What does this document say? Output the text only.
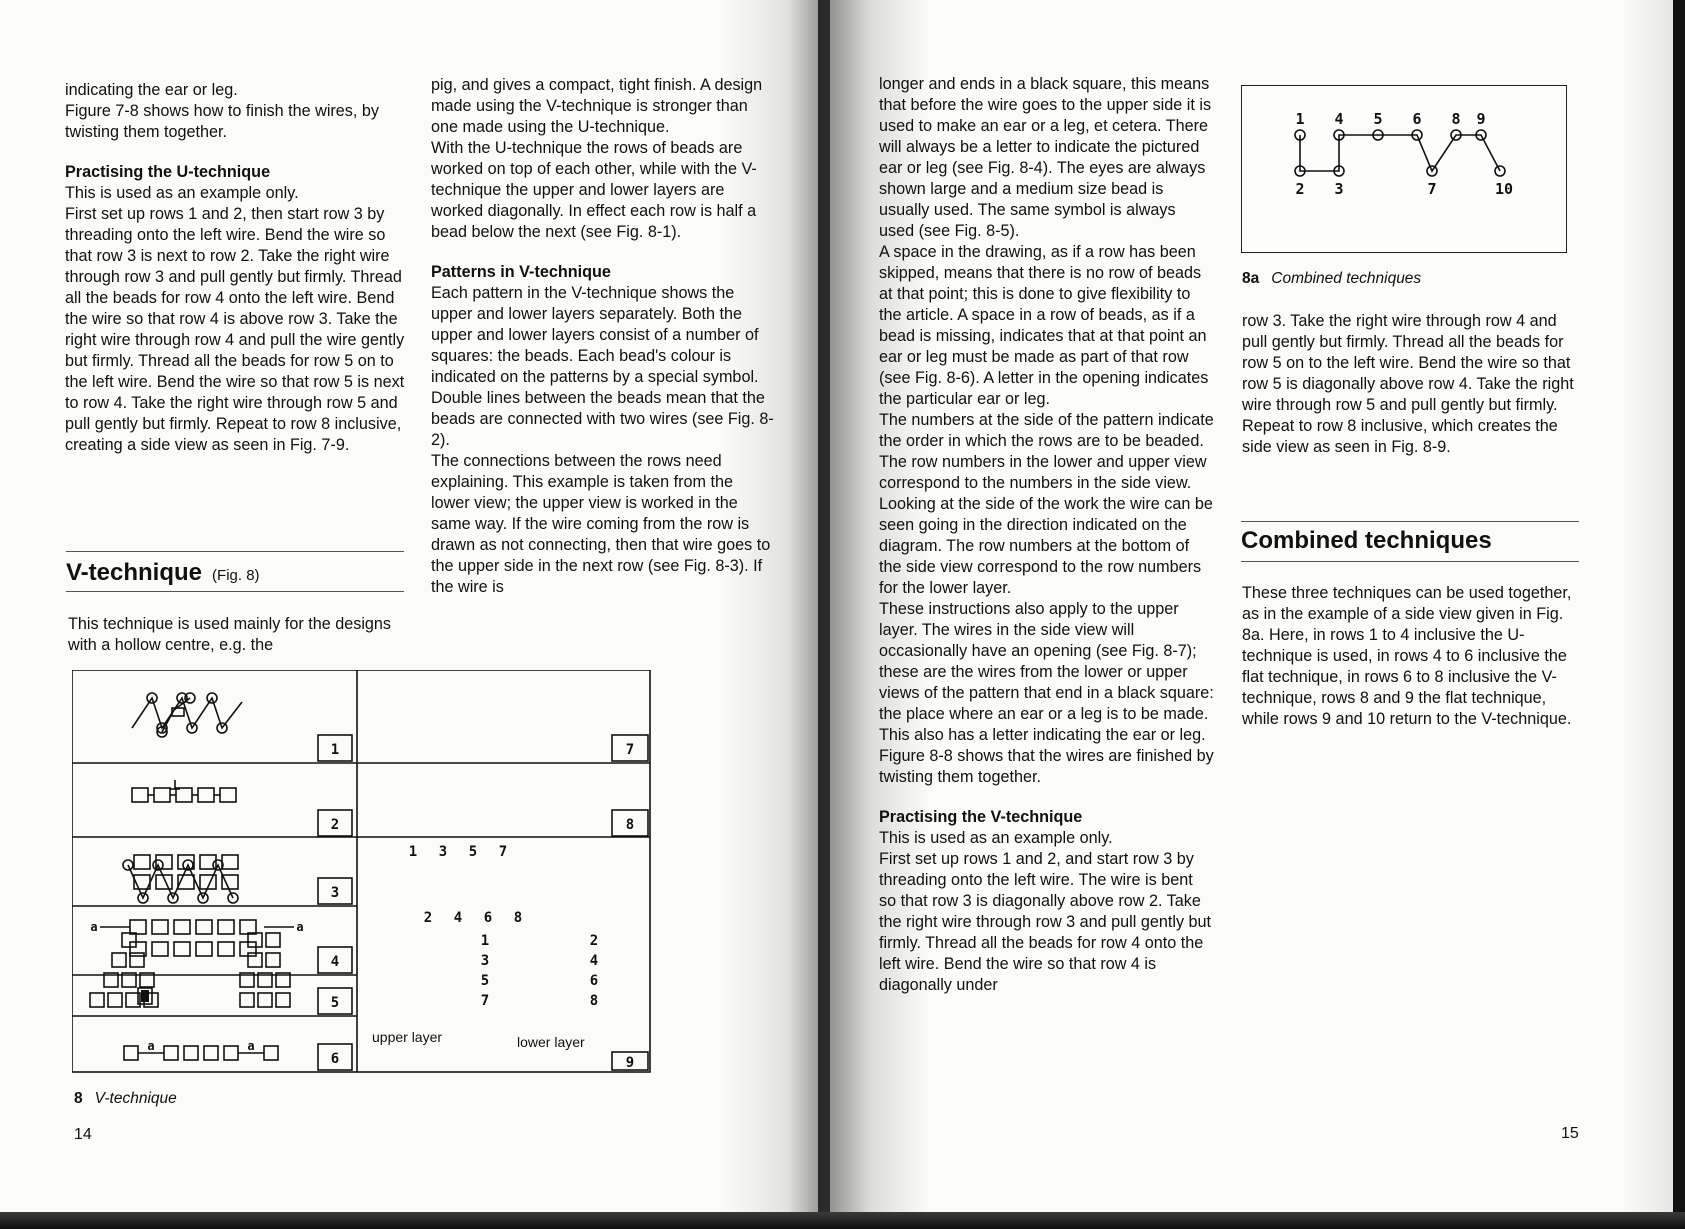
indicating the ear or leg.

Figure 7-8 shows how to finish the wires, by twisting them together.

Practising the U-technique

This is used as an example only.

First set up rows 1 and 2, then start row 3 by threading onto the left wire. Bend the wire so that row 3 is next to row 2. Take the right wire through row 3 and pull gently but firmly. Thread all the beads for row 4 onto the left wire. Bend the wire so that row 4 is above row 3. Take the right wire through row 4 and pull the wire gently but firmly. Thread all the beads for row 5 on to the left wire. Bend the wire so that row 5 is next to row 4. Take the right wire through row 5 and pull gently but firmly. Repeat to row 8 inclusive, creating a side view as seen in Fig. 7-9.

V-technique (Fig. 8)

This technique is used mainly for the designs with a hollow centre, e.g. the

pig, and gives a compact, tight finish. A design made using the V-technique is stronger than one made using the U-technique.

With the U-technique the rows of beads are worked on top of each other, while with the V-technique the upper and lower layers are worked diagonally. In effect each row is half a bead below the next (see Fig. 8-1).

Patterns in V-technique

Each pattern in the V-technique shows the upper and lower layers separately. Both the upper and lower layers consist of a number of squares: the beads. Each bead's colour is indicated on the patterns by a special symbol.

Double lines between the beads mean that the beads are connected with two wires (see Fig. 8-2).

The connections between the rows need explaining. This example is taken from the lower view; the upper view is worked in the same way. If the wire coming from the row is drawn as not connecting, then that wire goes to the upper side in the next row (see Fig. 8-3). If the wire is

1
2
3
4
5
6
7
8
9
a	a
a	a
1 3 5 7
2 4 6 8
1
3
5
7
2
4
6
8
upper layer	lower layer
8 V-technique
14

longer and ends in a black square, this means that before the wire goes to the upper side it is used to make an ear or a leg, et cetera. There will always be a letter to indicate the pictured ear or leg (see Fig. 8-4). The eyes are always shown large and a medium size bead is usually used. The same symbol is always used (see Fig. 8-5).

A space in the drawing, as if a row has been skipped, means that there is no row of beads at that point; this is done to give flexibility to the article. A space in a row of beads, as if a bead is missing, indicates that at that point an ear or leg must be made as part of that row (see Fig. 8-6). A letter in the opening indicates the particular ear or leg.

The numbers at the side of the pattern indicate the order in which the rows are to be beaded. The row numbers in the lower and upper view correspond to the numbers in the side view.

Looking at the side of the work the wire can be seen going in the direction indicated on the diagram. The row numbers at the bottom of the side view correspond to the row numbers for the lower layer.

These instructions also apply to the upper layer. The wires in the side view will occasionally have an opening (see Fig. 8-7); these are the wires from the lower or upper views of the pattern that end in a black square: the place where an ear or a leg is to be made. This also has a letter indicating the ear or leg.

Figure 8-8 shows that the wires are finished by twisting them together.

Practising the V-technique

This is used as an example only.

First set up rows 1 and 2, and start row 3 by threading onto the left wire. The wire is bent so that row 3 is diagonally above row 2. Take the right wire through row 3 and pull gently but firmly. Thread all the beads for row 4 onto the left wire. Bend the wire so that row 4 is diagonally under

1 4 5 6 8 9
2 3	7	10
8a Combined techniques

row 3. Take the right wire through row 4 and pull gently but firmly. Thread all the beads for row 5 on to the left wire. Bend the wire so that row 5 is diagonally above row 4. Take the right wire through row 5 and pull gently but firmly. Repeat to row 8 inclusive, which creates the side view as seen in Fig. 8-9.

Combined techniques

These three techniques can be used together, as in the example of a side view given in Fig. 8a. Here, in rows 1 to 4 inclusive the U-technique is used, in rows 4 to 6 inclusive the flat technique, in rows 6 to 8 inclusive the V-technique, rows 8 and 9 the flat technique, while rows 9 and 10 return to the V-technique.

15
